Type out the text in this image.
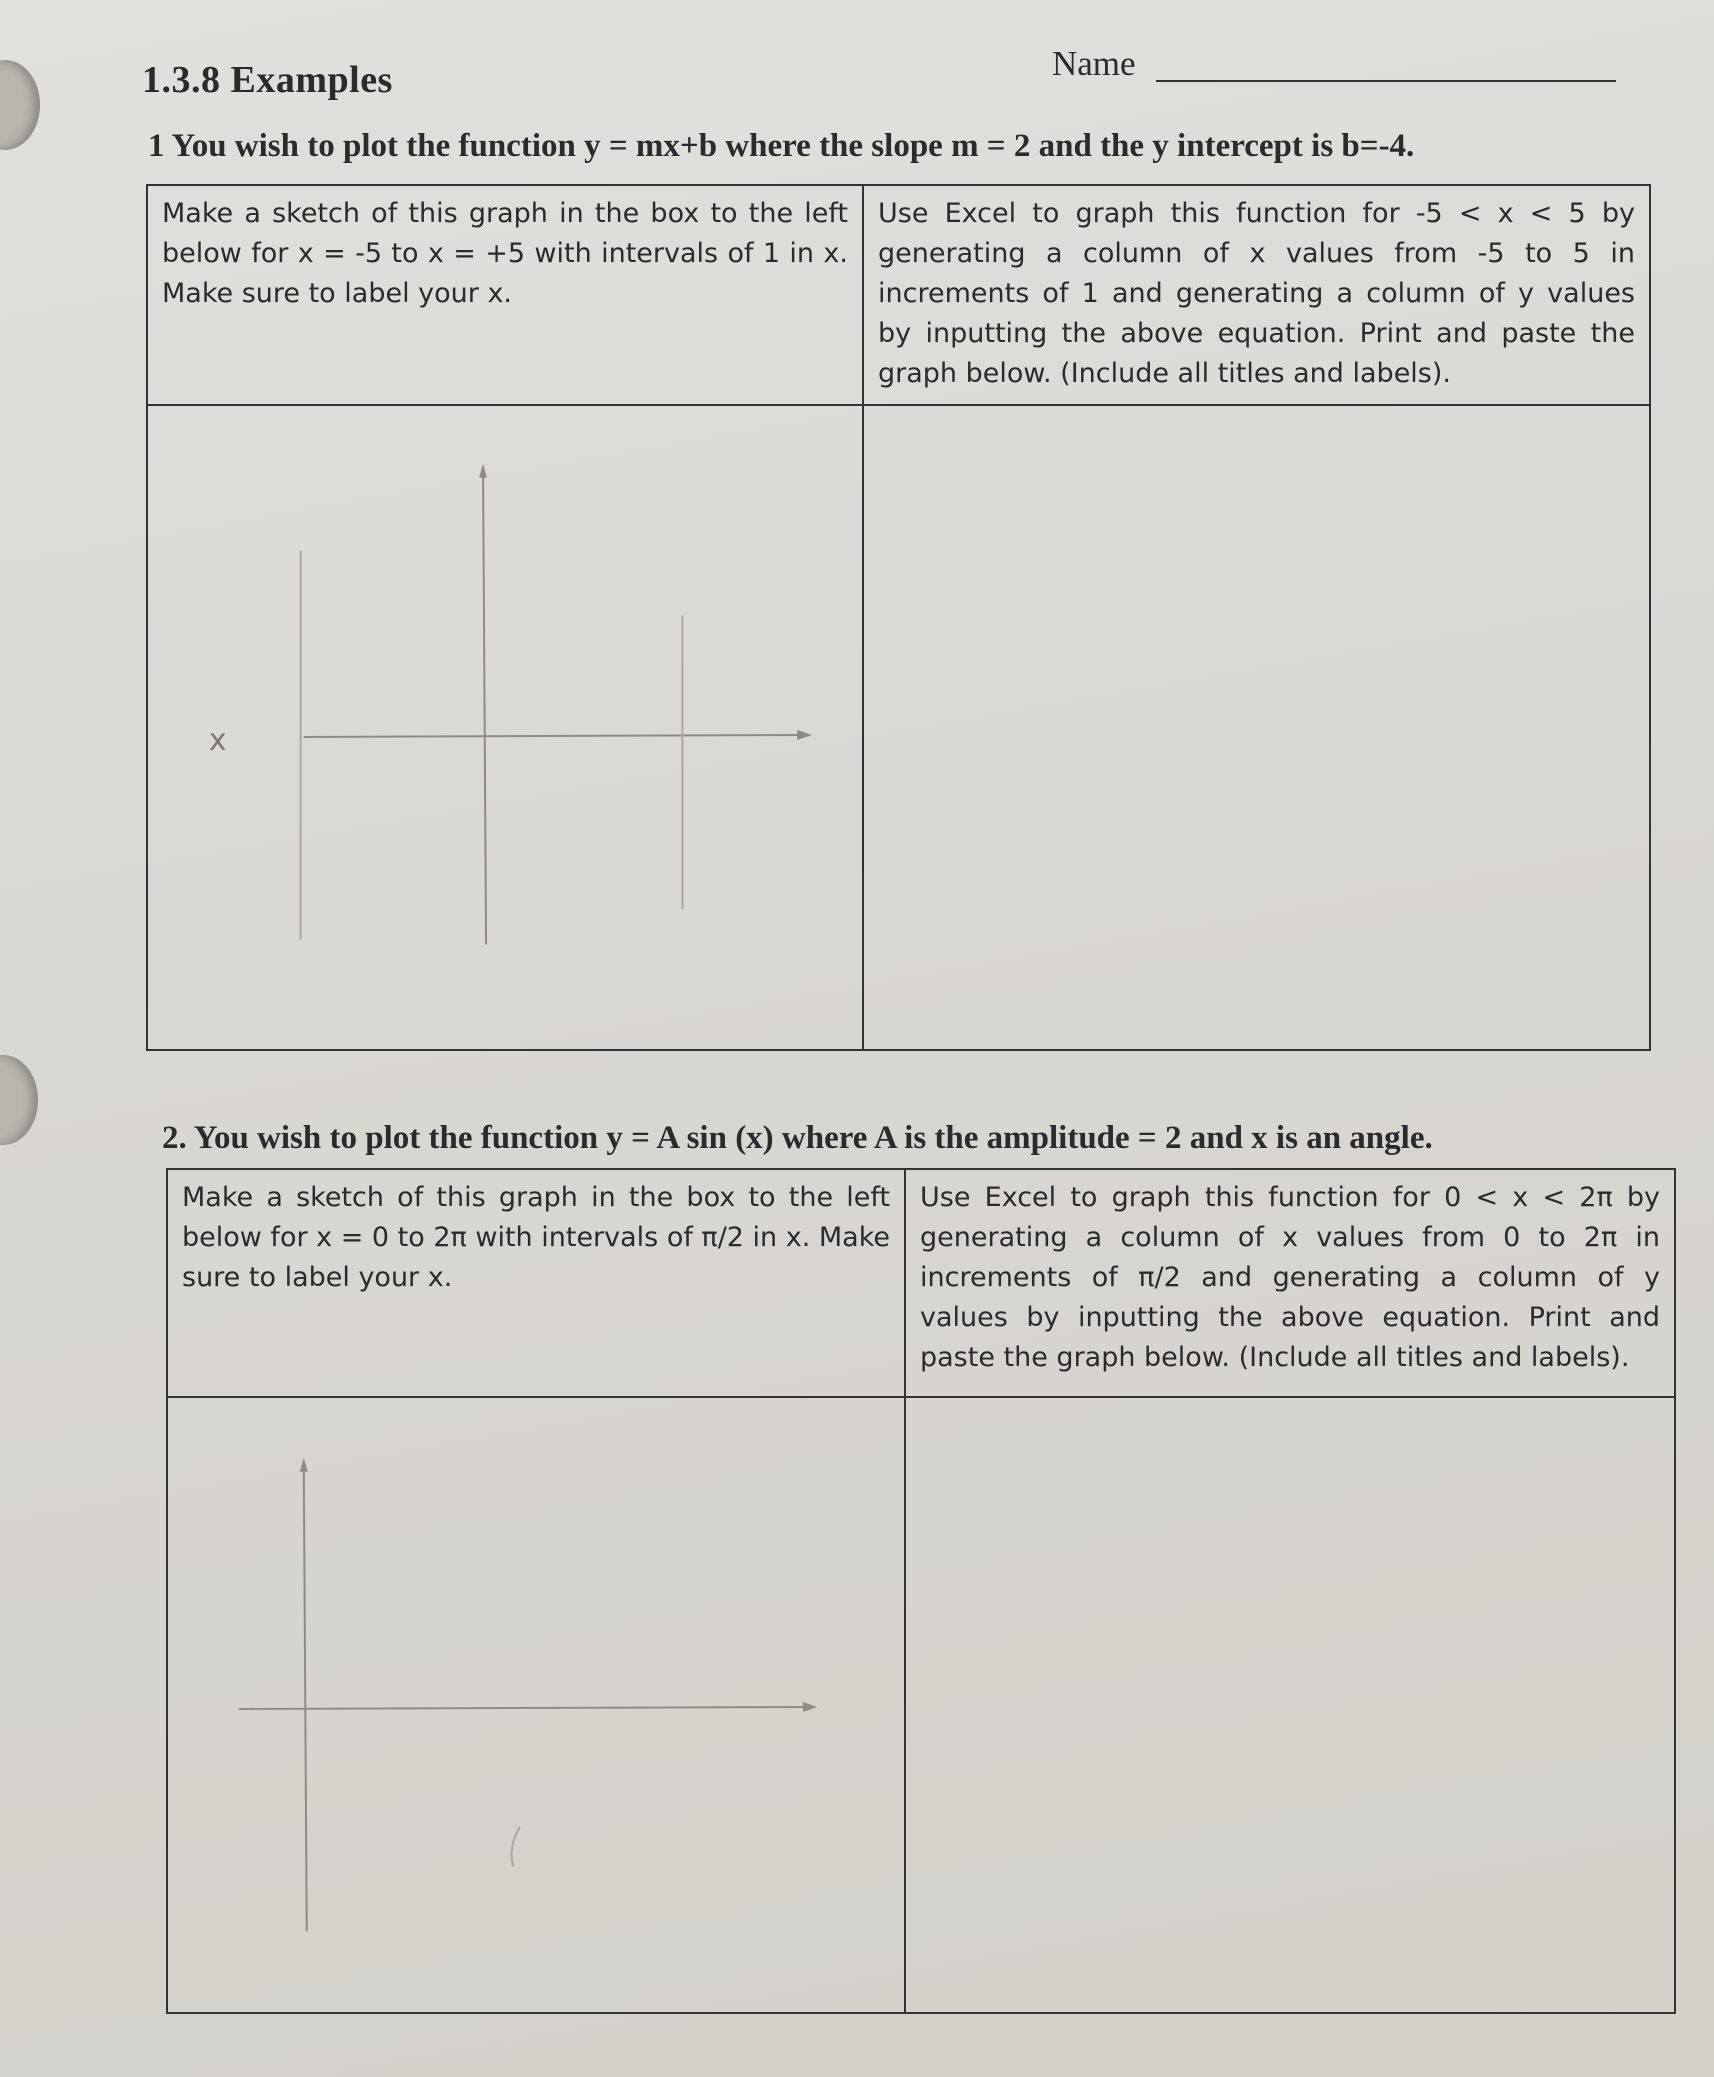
1.3.8 Examples	Name
1 You wish to plot the function y = mx+b where the slope m = 2 and the y intercept is b=-4.
Make a sketch of this graph in the box to the left below for x = -5 to x = +5 with intervals of 1 in x. Make sure to label your x.
Use Excel to graph this function for -5 < x < 5 by generating a column of x values from -5 to 5 in increments of 1 and generating a column of y values by inputting the above equation. Print and paste the graph below. (Include all titles and labels).
x
2. You wish to plot the function y = A sin (x) where A is the amplitude = 2 and x is an angle.
Make a sketch of this graph in the box to the left below for x = 0 to 2π with intervals of π/2 in x. Make sure to label your x.
Use Excel to graph this function for 0 < x < 2π by generating a column of x values from 0 to 2π in increments of π/2 and generating a column of y values by inputting the above equation. Print and paste the graph below. (Include all titles and labels).
